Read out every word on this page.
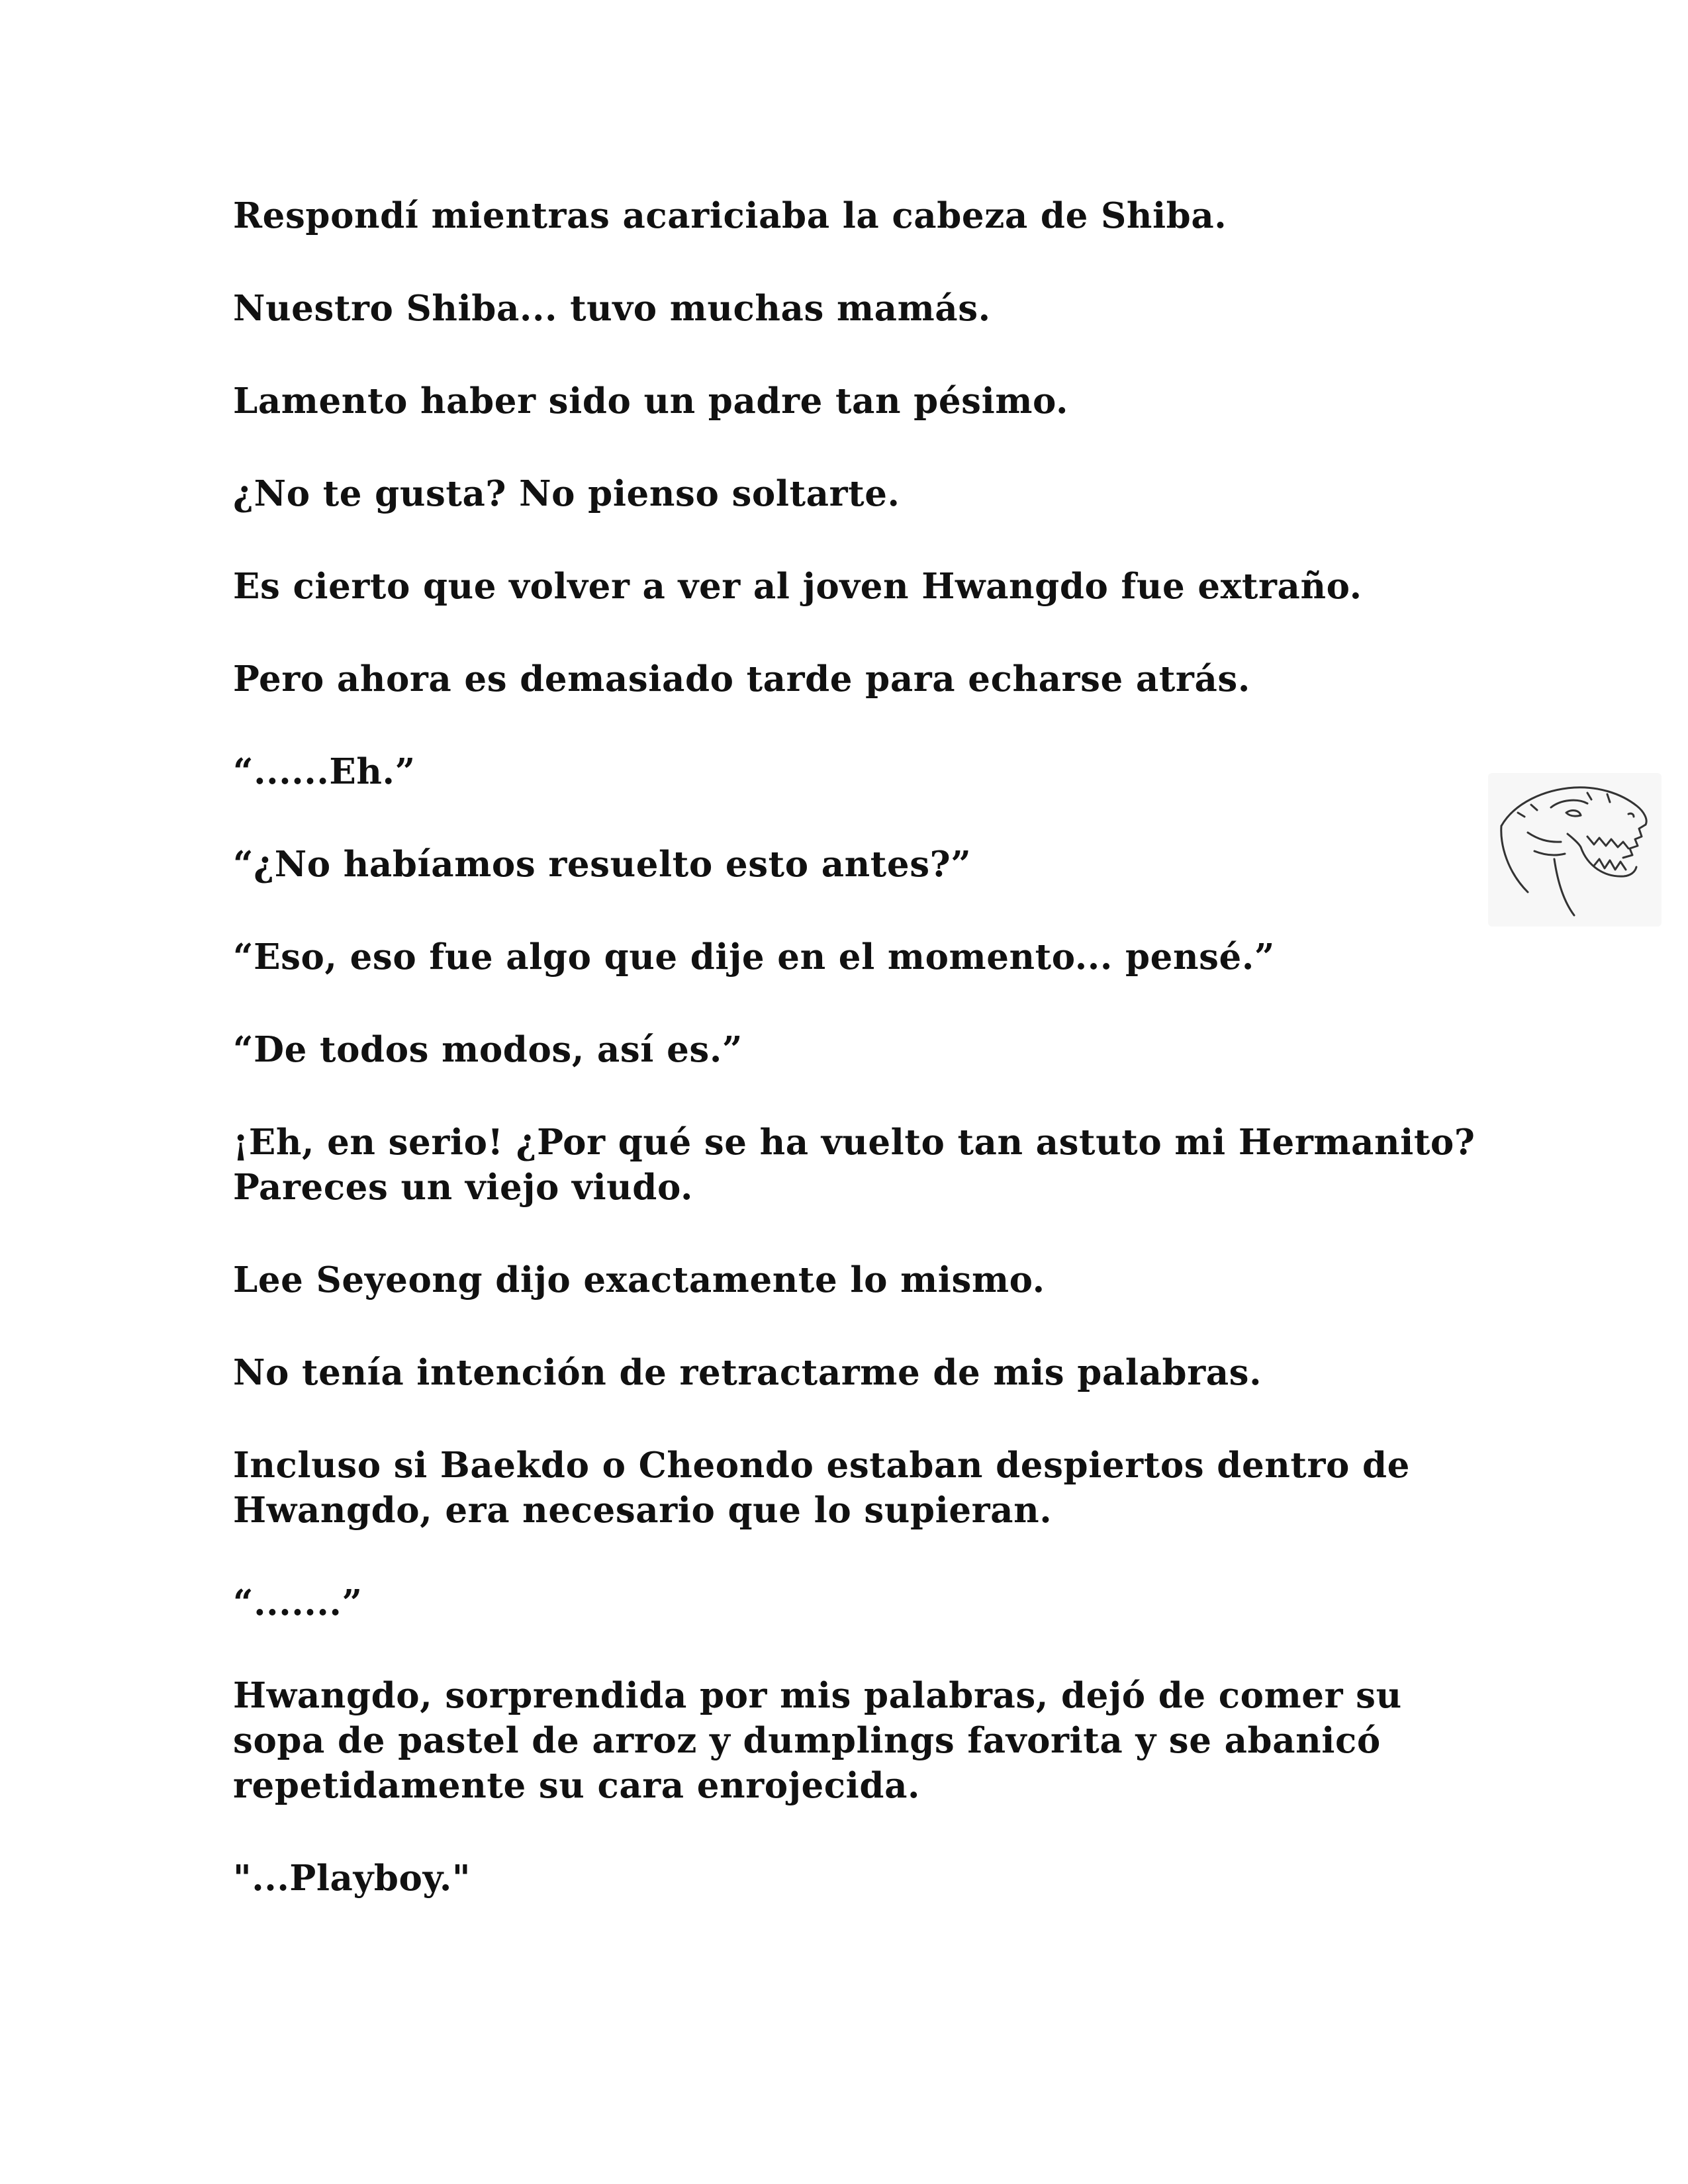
Respondí mientras acariciaba la cabeza de Shiba.

Nuestro Shiba... tuvo muchas mamás.

Lamento haber sido un padre tan pésimo.

¿No te gusta? No pienso soltarte.

Es cierto que volver a ver al joven Hwangdo fue extraño.

Pero ahora es demasiado tarde para echarse atrás.

“......Eh.”

“¿No habíamos resuelto esto antes?”

“Eso, eso fue algo que dije en el momento... pensé.”

“De todos modos, así es.”

¡Eh, en serio! ¿Por qué se ha vuelto tan astuto mi Hermanito? Pareces un viejo viudo.

Lee Seyeong dijo exactamente lo mismo.

No tenía intención de retractarme de mis palabras.

Incluso si Baekdo o Cheondo estaban despiertos dentro de Hwangdo, era necesario que lo supieran.

“.......”

Hwangdo, sorprendida por mis palabras, dejó de comer su sopa de pastel de arroz y dumplings favorita y se abanicó repetidamente su cara enrojecida.

"...Playboy."
